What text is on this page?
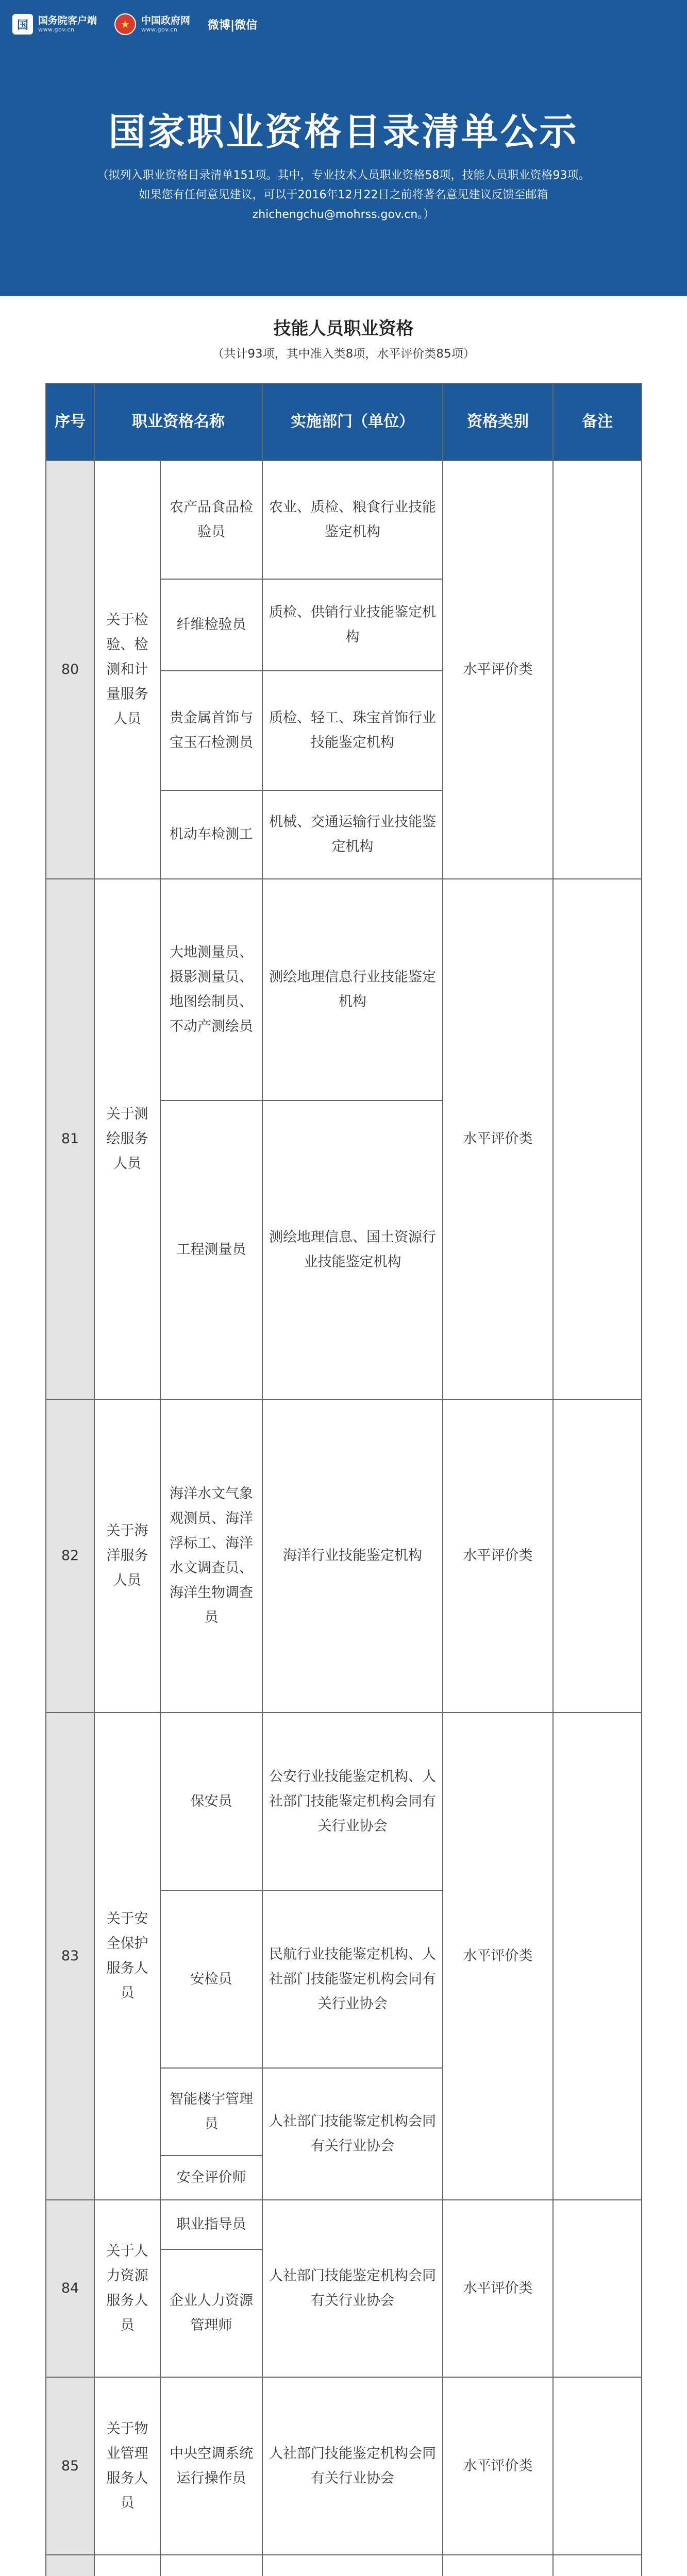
国	国务院客户端
www.gov.cn	★ 中国政府网
www.gov.cn	微博|微信
国家职业资格目录清单公示
（拟列入职业资格目录清单151项。其中，专业技术人员职业资格58项，技能人员职业资格93项。如果您有任何意见建议，可以于2016年12月22日之前将著名意见建议反馈至邮箱zhichengchu@mohrss.gov.cn。）
技能人员职业资格
（共计93项，其中准入类8项，水平评价类85项）
序号	职业资格名称		实施部门（单位）	资格类别	备注
80	关于检验、检测和计量服务人员	农产品食品检验员	农业、质检、粮食行业技能鉴定机构	水平评价类	
		纤维检验员	质检、供销行业技能鉴定机构		
		贵金属首饰与宝玉石检测员	质检、轻工、珠宝首饰行业技能鉴定机构		
		机动车检测工	机械、交通运输行业技能鉴定机构		
81	关于测绘服务人员	大地测量员、摄影测量员、地图绘制员、不动产测绘员	测绘地理信息行业技能鉴定机构	水平评价类	
		工程测量员	测绘地理信息、国土资源行业技能鉴定机构		
82	关于海洋服务人员	海洋水文气象观测员、海洋浮标工、海洋水文调查员、海洋生物调查员	海洋行业技能鉴定机构	水平评价类	
83	关于安全保护服务人员	保安员	公安行业技能鉴定机构、人社部门技能鉴定机构会同有关行业协会	水平评价类	
		安检员	民航行业技能鉴定机构、人社部门技能鉴定机构会同有关行业协会		
		智能楼宇管理员	人社部门技能鉴定机构会同有关行业协会		
		安全评价师			
84	关于人力资源服务人员	职业指导员	人社部门技能鉴定机构会同有关行业协会	水平评价类	
		企业人力资源管理师			
85	关于物业管理服务人员	中央空调系统运行操作员	人社部门技能鉴定机构会同有关行业协会	水平评价类	
